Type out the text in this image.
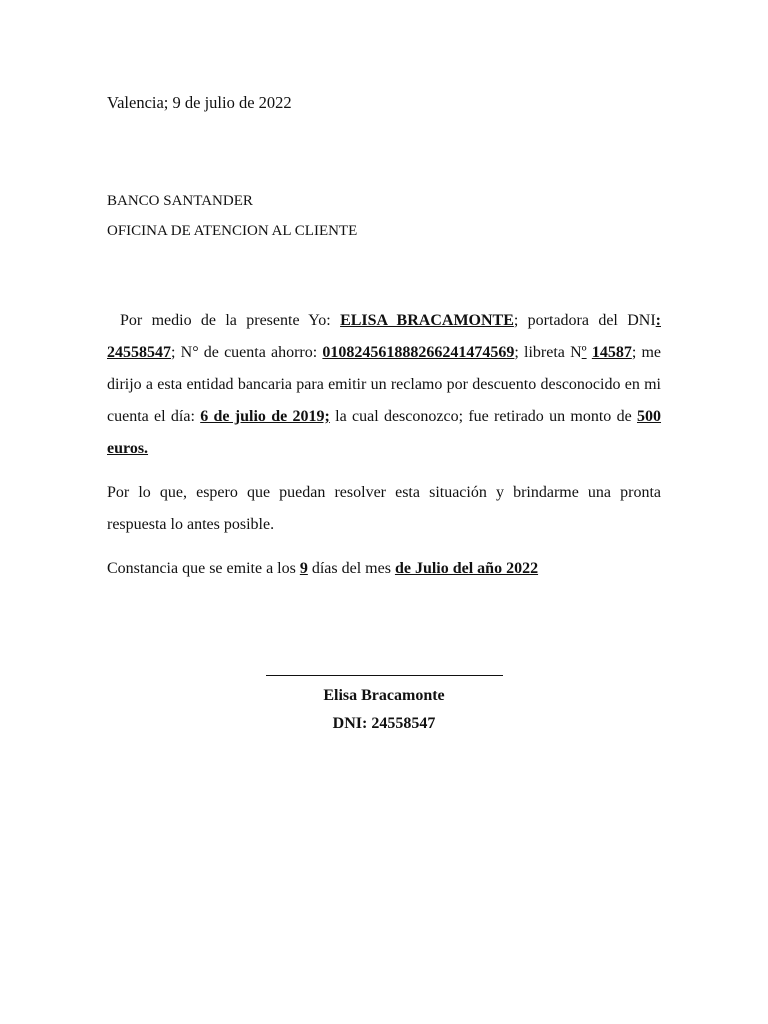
Valencia; 9 de julio de 2022
BANCO SANTANDER
OFICINA DE ATENCION AL CLIENTE

Por medio de la presente Yo: ELISA BRACAMONTE; portadora del DNI: 24558547; N° de cuenta ahorro: 010824561888266241474569; libreta Nº 14587; me dirijo a esta entidad bancaria para emitir un reclamo por descuento desconocido en mi cuenta el día: 6 de julio de 2019; la cual desconozco; fue retirado un monto de 500 euros.

Por lo que, espero que puedan resolver esta situación y brindarme una pronta respuesta lo antes posible.

Constancia que se emite a los 9 días del mes de Julio del año 2022

Elisa Bracamonte
DNI: 24558547
